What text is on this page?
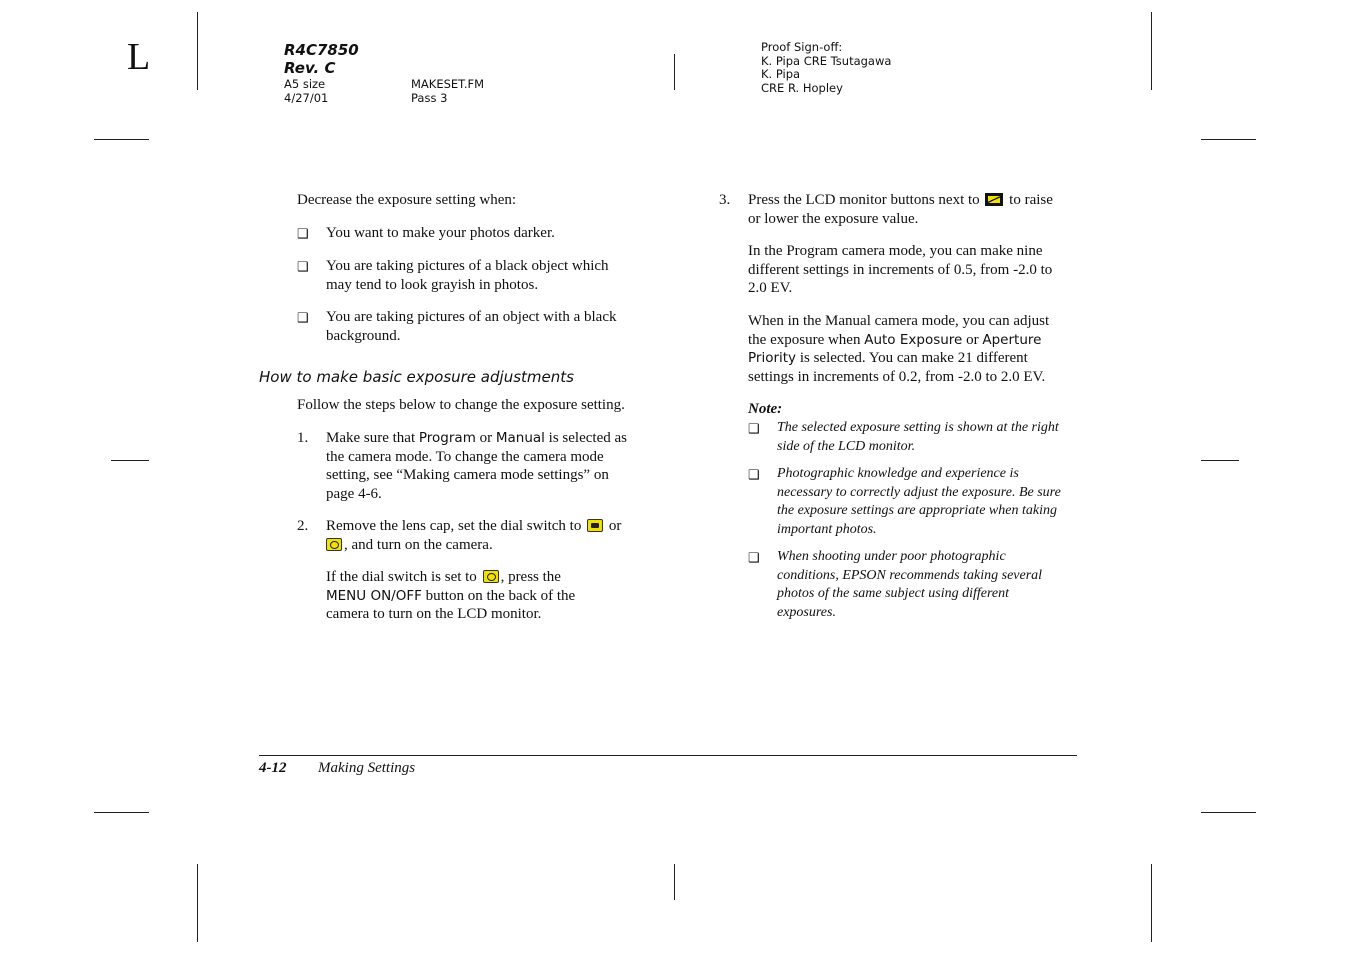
L	R4C7850
Rev. C
A5 size
4/27/01
MAKESET.FM
Pass 3
Proof Sign-off:
K. Pipa CRE Tsutagawa
K. Pipa
CRE R. Hopley
Decrease the exposure setting when:
❑ You want to make your photos darker.
❑ You are taking pictures of a black object which
may tend to look grayish in photos.
❑ You are taking pictures of an object with a black
background.
How to make basic exposure adjustments
Follow the steps below to change the exposure setting.
1. Make sure that Program or Manual is selected as
the camera mode. To change the camera mode
setting, see “Making camera mode settings” on
page 4-6.
2. Remove the lens cap, set the dial switch to  or
, and turn on the camera.
If the dial switch is set to , press the
MENU ON/OFF button on the back of the
camera to turn on the LCD monitor.
3. Press the LCD monitor buttons next to  to raise
or lower the exposure value.
In the Program camera mode, you can make nine
different settings in increments of 0.5, from -2.0 to
2.0 EV.
When in the Manual camera mode, you can adjust
the exposure when Auto Exposure or Aperture
Priority is selected. You can make 21 different
settings in increments of 0.2, from -2.0 to 2.0 EV.
Note:
❑ The selected exposure setting is shown at the right
side of the LCD monitor.
❑ Photographic knowledge and experience is
necessary to correctly adjust the exposure. Be sure
the exposure settings are appropriate when taking
important photos.
❑ When shooting under poor photographic
conditions, EPSON recommends taking several
photos of the same subject using different
exposures.
4-12 Making Settings
